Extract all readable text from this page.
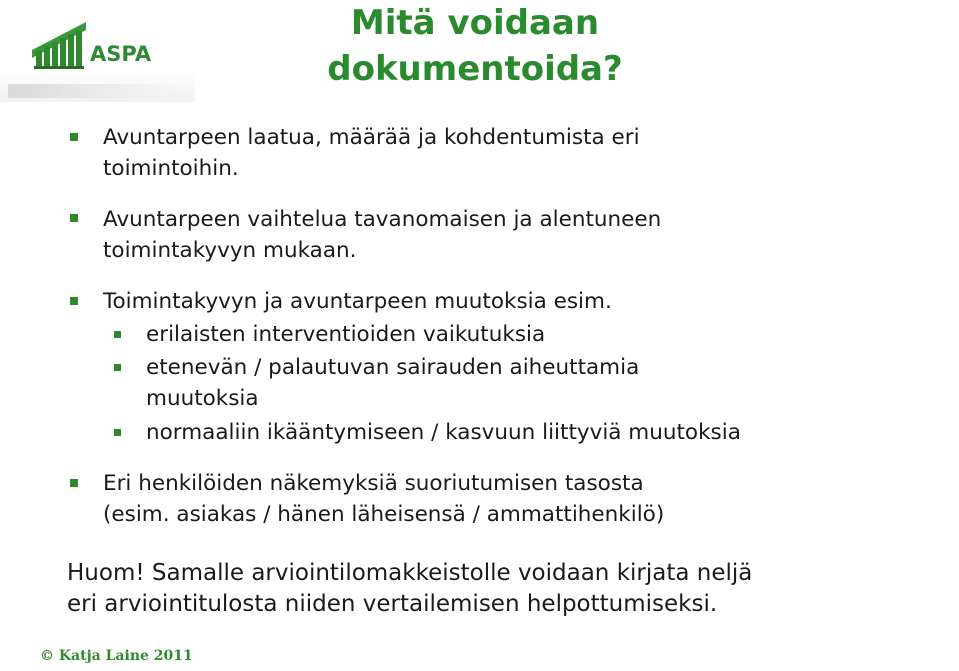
ASPA
Mitä voidaan
dokumentoida?
Avuntarpeen laatua, määrää ja kohdentumista eri
toimintoihin.
Avuntarpeen vaihtelua tavanomaisen ja alentuneen
toimintakyvyn mukaan.
Toimintakyvyn ja avuntarpeen muutoksia esim.
erilaisten interventioiden vaikutuksia
etenevän / palautuvan sairauden aiheuttamia
muutoksia
normaaliin ikääntymiseen / kasvuun liittyviä muutoksia
Eri henkilöiden näkemyksiä suoriutumisen tasosta
(esim. asiakas / hänen läheisensä / ammattihenkilö)
Huom! Samalle arviointilomakkeistolle voidaan kirjata neljä
eri arviointitulosta niiden vertailemisen helpottumiseksi.
© Katja Laine 2011
